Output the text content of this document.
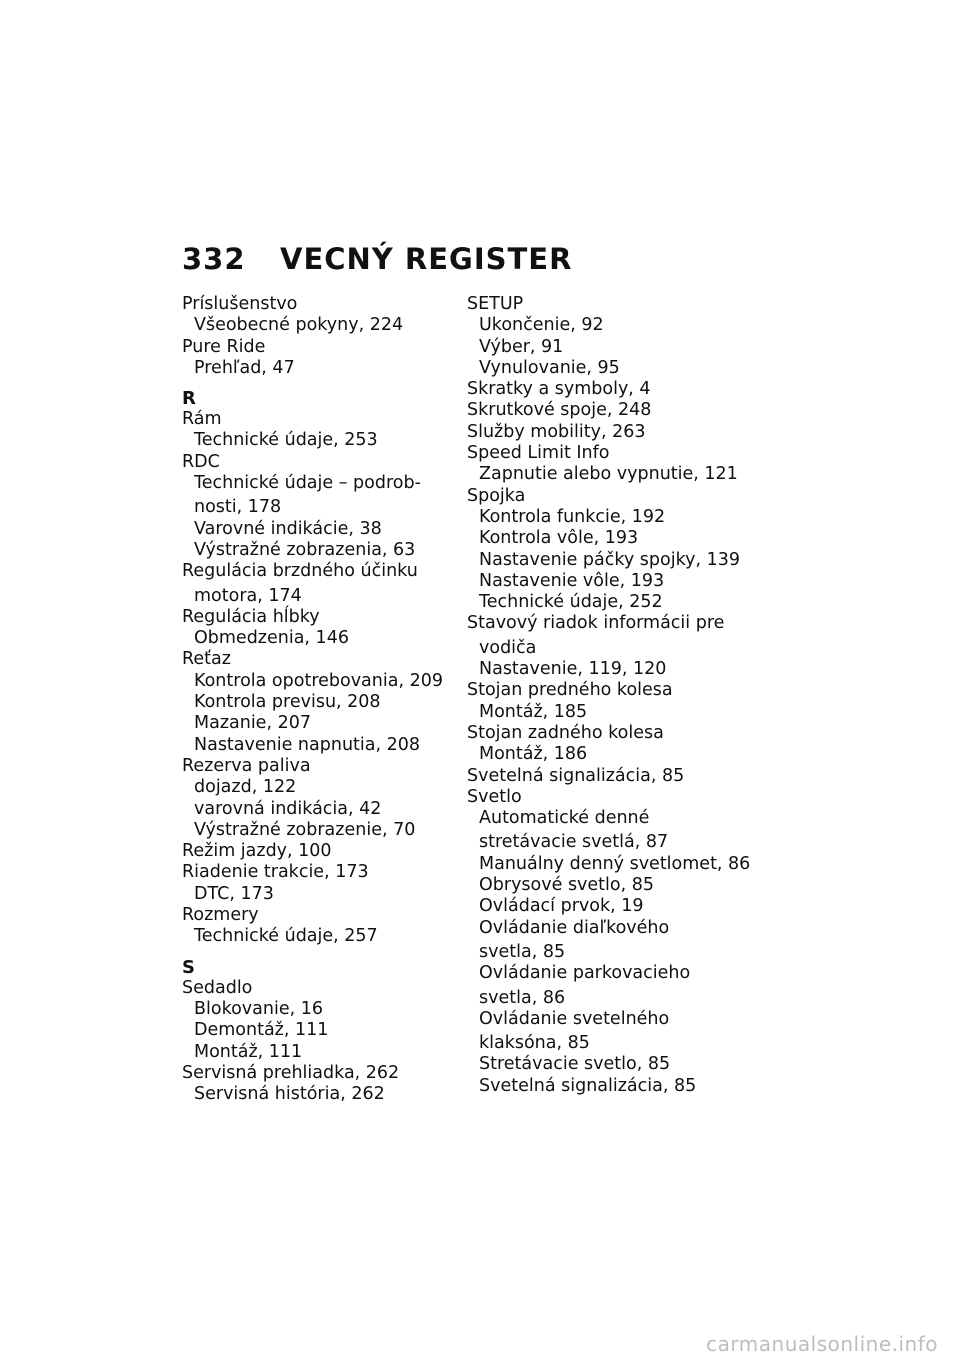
332 VECNÝ REGISTER
Príslušenstvo
Všeobecné pokyny, 224
Pure Ride
Prehľad, 47
R
Rám
Technické údaje, 253
RDC
Technické údaje – podrob-
nosti, 178
Varovné indikácie, 38
Výstražné zobrazenia, 63
Regulácia brzdného účinku
motora, 174
Regulácia hĺbky
Obmedzenia, 146
Reťaz
Kontrola opotrebovania, 209
Kontrola previsu, 208
Mazanie, 207
Nastavenie napnutia, 208
Rezerva paliva
dojazd, 122
varovná indikácia, 42
Výstražné zobrazenie, 70
Režim jazdy, 100
Riadenie trakcie, 173
DTC, 173
Rozmery
Technické údaje, 257
S
Sedadlo
Blokovanie, 16
Demontáž, 111
Montáž, 111
Servisná prehliadka, 262
Servisná história, 262
SETUP
Ukončenie, 92
Výber, 91
Vynulovanie, 95
Skratky a symboly, 4
Skrutkové spoje, 248
Služby mobility, 263
Speed Limit Info
Zapnutie alebo vypnutie, 121
Spojka
Kontrola funkcie, 192
Kontrola vôle, 193
Nastavenie páčky spojky, 139
Nastavenie vôle, 193
Technické údaje, 252
Stavový riadok informácii pre
vodiča
Nastavenie, 119, 120
Stojan predného kolesa
Montáž, 185
Stojan zadného kolesa
Montáž, 186
Svetelná signalizácia, 85
Svetlo
Automatické denné
stretávacie svetlá, 87
Manuálny denný svetlomet, 86
Obrysové svetlo, 85
Ovládací prvok, 19
Ovládanie diaľkového
svetla, 85
Ovládanie parkovacieho
svetla, 86
Ovládanie svetelného
klaksóna, 85
Stretávacie svetlo, 85
Svetelná signalizácia, 85
carmanualsonline.info
